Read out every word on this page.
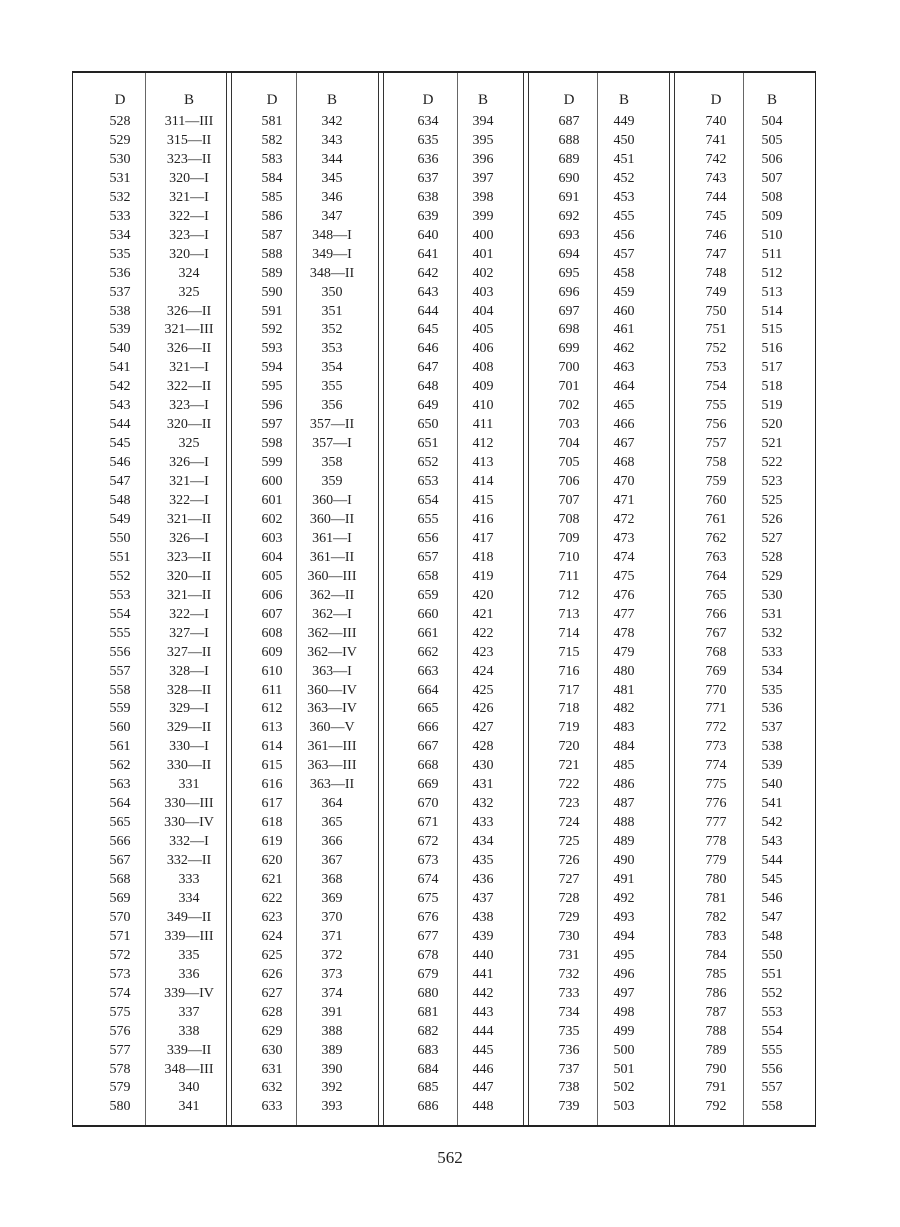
D	B
528	311—III
529	315—II
530	323—II
531	320—I
532	321—I
533	322—I
534	323—I
535	320—I
536	324
537	325
538	326—II
539	321—III
540	326—II
541	321—I
542	322—II
543	323—I
544	320—II
545	325
546	326—I
547	321—I
548	322—I
549	321—II
550	326—I
551	323—II
552	320—II
553	321—II
554	322—I
555	327—I
556	327—II
557	328—I
558	328—II
559	329—I
560	329—II
561	330—I
562	330—II
563	331
564	330—III
565	330—IV
566	332—I
567	332—II
568	333
569	334
570	349—II
571	339—III
572	335
573	336
574	339—IV
575	337
576	338
577	339—II
578	348—III
579	340
580	341
D	B
581	342
582	343
583	344
584	345
585	346
586	347
587	348—I
588	349—I
589	348—II
590	350
591	351
592	352
593	353
594	354
595	355
596	356
597	357—II
598	357—I
599	358
600	359
601	360—I
602	360—II
603	361—I
604	361—II
605	360—III
606	362—II
607	362—I
608	362—III
609	362—IV
610	363—I
611	360—IV
612	363—IV
613	360—V
614	361—III
615	363—III
616	363—II
617	364
618	365
619	366
620	367
621	368
622	369
623	370
624	371
625	372
626	373
627	374
628	391
629	388
630	389
631	390
632	392
633	393
D	B
634	394
635	395
636	396
637	397
638	398
639	399
640	400
641	401
642	402
643	403
644	404
645	405
646	406
647	408
648	409
649	410
650	411
651	412
652	413
653	414
654	415
655	416
656	417
657	418
658	419
659	420
660	421
661	422
662	423
663	424
664	425
665	426
666	427
667	428
668	430
669	431
670	432
671	433
672	434
673	435
674	436
675	437
676	438
677	439
678	440
679	441
680	442
681	443
682	444
683	445
684	446
685	447
686	448
D	B
687	449
688	450
689	451
690	452
691	453
692	455
693	456
694	457
695	458
696	459
697	460
698	461
699	462
700	463
701	464
702	465
703	466
704	467
705	468
706	470
707	471
708	472
709	473
710	474
711	475
712	476
713	477
714	478
715	479
716	480
717	481
718	482
719	483
720	484
721	485
722	486
723	487
724	488
725	489
726	490
727	491
728	492
729	493
730	494
731	495
732	496
733	497
734	498
735	499
736	500
737	501
738	502
739	503
D	B
740	504
741	505
742	506
743	507
744	508
745	509
746	510
747	511
748	512
749	513
750	514
751	515
752	516
753	517
754	518
755	519
756	520
757	521
758	522
759	523
760	525
761	526
762	527
763	528
764	529
765	530
766	531
767	532
768	533
769	534
770	535
771	536
772	537
773	538
774	539
775	540
776	541
777	542
778	543
779	544
780	545
781	546
782	547
783	548
784	550
785	551
786	552
787	553
788	554
789	555
790	556
791	557
792	558
562
